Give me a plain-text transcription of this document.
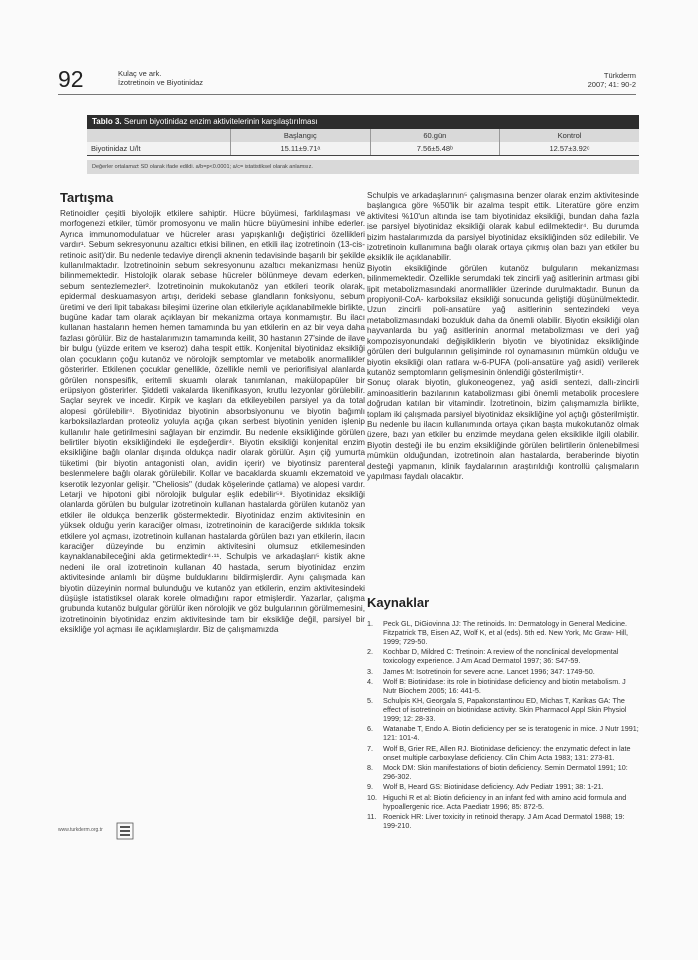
92	Kulaç ve ark.
İzotretinoin ve Biyotinidaz
Türkderm
2007; 41: 90-2
Tablo 3. Serum biyotinidaz enzim aktivitelerinin karşılaştırılması
	Başlangıç	60.gün	Kontrol
Biyotinidaz U/lt	15.11±9.71ᵃ	7.56±5.48ᵇ	12.57±3.92ᶜ
Değerler ortalama± SD olarak ifade edildi. a/b=p<0.0001; a/c= istatistiksel olarak anlamsız.
Tartışma

Retinoidler çeşitli biyolojik etkilere sahiptir. Hücre büyümesi, farklılaşması ve morfogenezi etkiler, tümör promosyonu ve malin hücre büyümesini inhibe ederler. Ayrıca immunomodulatuar ve hücreler arası yapışkanlığı değiştirici özellikleri vardır¹. Sebum sekresyonunu azaltıcı etkisi bilinen, en etkili ilaç izotretinoin (13-cis-retinoic asit)'dir. Bu nedenle tedaviye dirençli aknenin tedavisinde başarılı bir şekilde kullanılmaktadır. İzotretinoinin sebum sekresyonunu azaltıcı mekanizması henüz bilinmemektedir. Histolojik olarak sebase hücreler bölünmeye devam ederken, sebum sentezlemezler². İzotretinoinin mukokutanöz yan etkileri teorik olarak, epidermal deskuamasyon artışı, derideki sebase glandların fonksiyonu, sebum üretimi ve deri lipit tabakası bileşimi üzerine olan etkileriyle açıklanabilmekle birlikte, bugüne kadar tam olarak açıklayan bir mekanizma ortaya konmamıştır. Bu ilacı kullanan hastaların hemen hemen tamamında bu yan etkilerin en az bir veya daha fazlası görülür. Biz de hastalarımızın tamamında keilit, 30 hastanın 27'sinde de ilave bir bulgu (yüzde eritem ve kseroz) daha tespit ettik. Konjenital biyotinidaz eksikliği olan çocukların çoğu kutanöz ve nörolojik semptomlar ve metabolik anormallikler gösterirler. Etkilenen çocuklar genellikle, özellikle nemli ve periorifisiyal alanlarda görülen nonspesifik, eritemli skuamlı olarak tanımlanan, makülopapüler bir erüpsiyon gösterirler. Şiddetli vakalarda likenifikasyon, krutlu lezyonlar görülebilir. Saçlar seyrek ve incedir. Kirpik ve kaşları da etkileyebilen parsiyel ya da total alopesi görülebilir⁴. Biyotinidaz biyotinin absorbsiyonunu ve biyotin bağımlı karboksilazlardan proteoliz yoluyla açığa çıkan serbest biyotinin yeniden işlenip kullanılır hale getirilmesini sağlayan bir enzimdir. Bu nedenle eksikliğinde görülen belirtiler biyotin eksikliğindeki ile eşdeğerdir⁴. Biyotin eksikliği konjenital enzim eksikliğine bağlı olanlar dışında oldukça nadir olarak görülür. Aşırı çiğ yumurta tüketimi (bir biyotin antagonisti olan, avidin içerir) ve biyotinsiz parenteral beslenmelere bağlı olarak görülebilir. Kollar ve bacaklarda skuamlı ekzematoid ve kserotik lezyonlar gelişir. "Cheliosis" (dudak köşelerinde çatlama) ve alopesi vardır. Letarji ve hipotoni gibi nörolojik bulgular eşlik edebilir⁵⁹. Biyotinidaz eksikliği olanlarda görülen bu bulgular izotretinoin kullanan hastalarda görülen kutanöz yan etkiler ile oldukça benzerlik göstermektedir. Biyotinidaz enzim aktivitesinin en yüksek olduğu yerin karaciğer olması, izotretinoinin de karaciğerde sıklıkla toksik etkilere yol açması, izotretinoin kullanan hastalarda görülen bazı yan etkilerin, ilacın karaciğer düzeyinde bu enzimin aktivitesini olumsuz etkilemesinden kaynaklanabileceğini akla getirmektedir⁴·¹¹. Schulpis ve arkadaşları⁵ kistik akne nedeni ile oral izotretinoin kullanan 40 hastada, serum biyotinidaz enzim aktivitesinde anlamlı bir düşme bulduklarını bildirmişlerdir. Aynı çalışmada kan biyotin düzeyinin normal bulunduğu ve kutanöz yan etkilerin, enzim aktivitesindeki düşüşle istatistiksel olarak korele olmadığını rapor etmişlerdir. Yazarlar, çalışma grubunda kutanöz bulgular görülür iken nörolojik ve göz bulgularının görülmemesini, izotretinoinin biyotinidaz enzim aktivitesinde tam bir eksikliğe değil, parsiyel bir eksikliğe yol açması ile açıklamışlardır. Biz de çalışmamızda

Schulpis ve arkadaşlarının⁵ çalışmasına benzer olarak enzim aktivitesinde başlangıca göre %50'lik bir azalma tespit ettik. Literatüre göre enzim aktivitesi %10'un altında ise tam biyotinidaz eksikliği, bundan daha fazla ise parsiyel biyotinidaz eksikliği olarak kabul edilmektedir⁴. Bu durumda bizim hastalarımızda da parsiyel biyotinidaz eksikliğinden söz edilebilir. Ve izotretinoin kullanımına bağlı olarak ortaya çıkmış olan bazı yan etkiler bu eksiklik ile açıklanabilir.

Biyotin eksikliğinde görülen kutanöz bulguların mekanizması bilinmemektedir. Özellikle serumdaki tek zincirli yağ asitlerinin artması gibi lipit metabolizmasındaki anormallikler üzerinde durulmaktadır. Bunun da propiyonil-CoA- karboksilaz eksikliği sonucunda geliştiği düşünülmektedir. Uzun zincirli poli-ansatüre yağ asitlerinin sentezindeki veya metabolizmasındaki bozukluk daha da önemli olabilir. Biyotin eksikliği olan hayvanlarda bu yağ asitlerinin anormal metabolizması ve deri yağ kompozisyonundaki değişikliklerin biyotin ve biyotinidaz eksikliğinde görülen deri bulgularının gelişiminde rol oynamasının mümkün olduğu ve biyotin eksikliği olan ratlara w-6-PUFA (poli-ansatüre yağ asidi) verilerek kutanöz semptomların gelişmesinin önlendiği gösterilmiştir⁴.

Sonuç olarak biyotin, glukoneogenez, yağ asidi sentezi, dallı-zincirli aminoasitlerin bazılarının katabolizması gibi önemli metabolik proceslere doğrudan katılan bir vitamindir. İzotretinoin, bizim çalışmamızla birlikte, toplam iki çalışmada parsiyel biyotinidaz eksikliğine yol açtığı gösterilmiştir. Bu nedenle bu ilacın kullanımında ortaya çıkan başta mukokutanöz olmak üzere, bazı yan etkiler bu enzimde meydana gelen eksiklikle ilgili olabilir. Biyotin desteği ile bu enzim eksikliğinde görülen belirtilerin önlenebilmesi mümkün olduğundan, izotretinoin alan hastalarda, beraberinde biyotin desteği yapmanın, klinik faydalarının araştırıldığı kontrollü çalışmaların yapılması faydalı olacaktır.

Kaynaklar
1.	Peck GL, DiGiovinna JJ: The retinoids. In: Dermatology in General Medicine. Fitzpatrick TB, Eisen AZ, Wolf K, et al (eds). 5th ed. New York, Mc Graw- Hill, 1999; 729-50.
2.	Kochbar D, Mildred C: Tretinoin: A review of the nonclinical developmental toxicology experience. J Am Acad Dermatol 1997; 36: S47-59.
3.	James M: Isotretinoin for severe acne. Lancet 1996; 347: 1749-50.
4.	Wolf B: Biotinidase: its role in biotinidase deficiency and biotin metabolism. J Nutr Biochem 2005; 16: 441-5.
5.	Schulpis KH, Georgala S, Papakonstantinou ED, Michas T, Karikas GA: The effect of isotretinoin on biotinidase activity. Skin Pharmacol Appl Skin Physiol 1999; 12: 28-33.
6.	Watanabe T, Endo A. Biotin deficiency per se is teratogenic in mice. J Nutr 1991; 121: 101-4.
7.	Wolf B, Grier RE, Allen RJ. Biotinidase deficiency: the enzymatic defect in late onset multiple carboxylase deficiency. Clin Chim Acta 1983; 131: 273-81.
8.	Mock DM: Skin manifestations of biotin deficiency. Semin Dermatol 1991; 10: 296-302.
9.	Wolf B, Heard GS: Biotinidase deficiency. Adv Pediatr 1991; 38: 1-21.
10. Higuchi R et al: Biotin deficiency in an infant fed with amino acid formula and hypoallergenic rice. Acta Paediatr 1996; 85: 872-5.
11. Roenick HR: Liver toxicity in retinoid therapy. J Am Acad Dermatol 1988; 19: 199-210.
www.turkderm.org.tr
